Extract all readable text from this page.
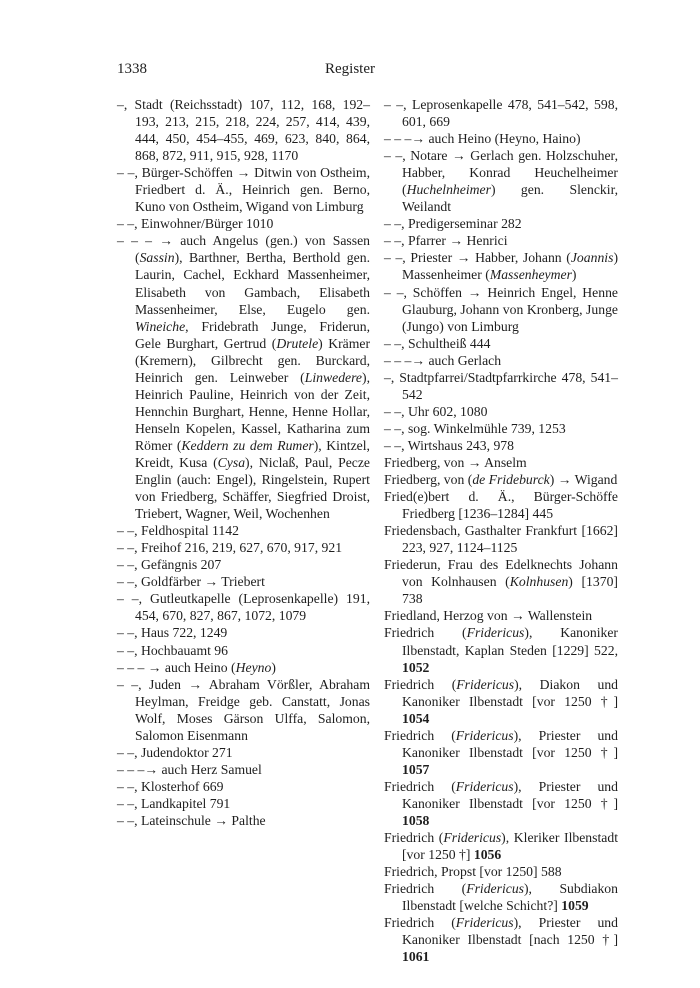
1338	Register
–, Stadt (Reichsstadt) 107, 112, 168, 192–193, 213, 215, 218, 224, 257, 414, 439, 444, 450, 454–455, 469, 623, 840, 864, 868, 872, 911, 915, 928, 1170
– –, Bürger-Schöffen → Ditwin von Ostheim, Friedbert d. Ä., Heinrich gen. Berno, Kuno von Ostheim, Wigand von Limburg
– –, Einwohner/Bürger 1010
– – – → auch Angelus (gen.) von Sassen (Sassin), Barthner, Bertha, Berthold gen. Laurin, Cachel, Eckhard Massenheimer, Elisabeth von Gambach, Elisabeth Massenheimer, Else, Eugelo gen. Wineiche, Fridebrath Junge, Friderun, Gele Burghart, Gertrud (Drutele) Krämer (Kremern), Gilbrecht gen. Burckard, Heinrich gen. Leinweber (Linwedere), Heinrich Pauline, Heinrich von der Zeit, Hennchin Burghart, Henne, Henne Hollar, Henseln Kopelen, Kassel, Katharina zum Römer (Keddern zu dem Rumer), Kintzel, Kreidt, Kusa (Cysa), Niclaß, Paul, Pecze Englin (auch: Engel), Ringelstein, Rupert von Friedberg, Schäffer, Siegfried Droist, Triebert, Wagner, Weil, Wochenhen
– –, Feldhospital 1142
– –, Freihof 216, 219, 627, 670, 917, 921
– –, Gefängnis 207
– –, Goldfärber → Triebert
– –, Gutleutkapelle (Leprosenkapelle) 191, 454, 670, 827, 867, 1072, 1079
– –, Haus 722, 1249
– –, Hochbauamt 96
– – – → auch Heino (Heyno)
– –, Juden → Abraham Vörßler, Abraham Heylman, Freidge geb. Canstatt, Jonas Wolf, Moses Gärson Ulffa, Salomon, Salomon Eisenmann
– –, Judendoktor 271
– – –→ auch Herz Samuel
– –, Klosterhof 669
– –, Landkapitel 791
– –, Lateinschule → Palthe
– –, Leprosenkapelle 478, 541–542, 598, 601, 669
– – –→ auch Heino (Heyno, Haino)
– –, Notare → Gerlach gen. Holzschuher, Habber, Konrad Heuchelheimer (Huchelnheimer) gen. Slenckir, Weilandt
– –, Predigerseminar 282
– –, Pfarrer → Henrici
– –, Priester → Habber, Johann (Joannis) Massenheimer (Massenheymer)
– –, Schöffen → Heinrich Engel, Henne Glauburg, Johann von Kronberg, Junge (Jungo) von Limburg
– –, Schultheiß 444
– – –→ auch Gerlach
–, Stadtpfarrei/Stadtpfarrkirche 478, 541–542
– –, Uhr 602, 1080
– –, sog. Winkelmühle 739, 1253
– –, Wirtshaus 243, 978
Friedberg, von → Anselm
Friedberg, von (de Frideburck) → Wigand
Fried(e)bert d. Ä., Bürger-Schöffe Friedberg [1236–1284] 445
Friedensbach, Gasthalter Frankfurt [1662] 223, 927, 1124–1125
Friederun, Frau des Edelknechts Johann von Kolnhausen (Kolnhusen) [1370] 738
Friedland, Herzog von → Wallenstein
Friedrich (Fridericus), Kanoniker Ilbenstadt, Kaplan Steden [1229] 522, 1052
Friedrich (Fridericus), Diakon und Kanoniker Ilbenstadt [vor 1250 †] 1054
Friedrich (Fridericus), Priester und Kanoniker Ilbenstadt [vor 1250 †] 1057
Friedrich (Fridericus), Priester und Kanoniker Ilbenstadt [vor 1250 †] 1058
Friedrich (Fridericus), Kleriker Ilbenstadt [vor 1250 †] 1056
Friedrich, Propst [vor 1250] 588
Friedrich (Fridericus), Subdiakon Ilbenstadt [welche Schicht?] 1059
Friedrich (Fridericus), Priester und Kanoniker Ilbenstadt [nach 1250 †] 1061
